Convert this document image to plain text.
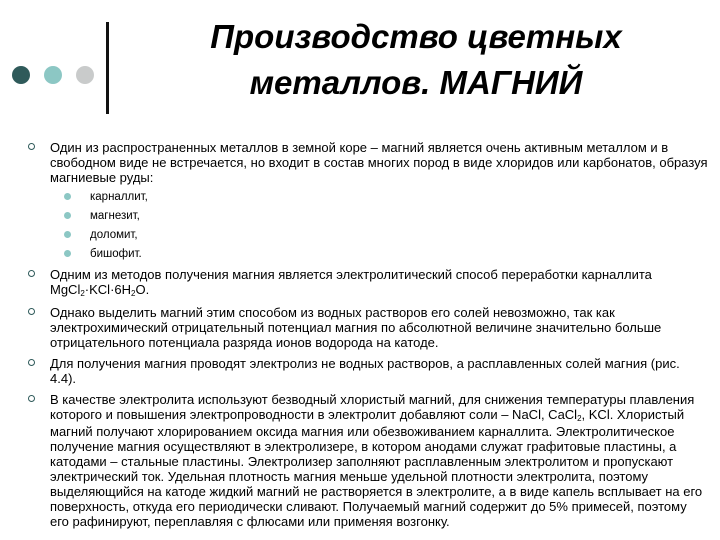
Производство цветных
металлов. МАГНИЙ
Один из распространенных металлов в земной коре – магний является очень активным металлом и в свободном виде не встречается, но входит в состав многих пород в виде хлоридов или карбонатов, образуя магниевые руды:
карналлит,
магнезит,
доломит,
бишофит.
Одним из методов получения магния является электролитический способ переработки карналлита $MgCl_2\cdot KCl\cdot 6H_2O$.
Однако выделить магний этим способом из водных растворов его солей невозможно, так как электрохимический отрицательный потенциал магния по абсолютной величине значительно больше отрицательного потенциала разряда ионов водорода на катоде.
Для получения магния проводят электролиз не водных растворов, а расплавленных солей магния (рис. 4.4).
В качестве электролита используют безводный хлористый магний, для снижения температуры плавления которого и повышения электропроводности в электролит добавляют соли – NaCl, CaCl$_2$, KCl. Хлористый магний получают хлорированием оксида магния или обезвоживанием карналлита. Электролитическое получение магния осуществляют в электролизере, в котором анодами служат графитовые пластины, а катодами – стальные пластины. Электролизер заполняют расплавленным электролитом и пропускают электрический ток. Удельная плотность магния меньше удельной плотности электролита, поэтому выделяющийся на катоде жидкий магний не растворяется в электролите, а в виде капель всплывает на его поверхность, откуда его периодически сливают. Получаемый магний содержит до 5% примесей, поэтому его рафинируют, переплавляя с флюсами или применяя возгонку.
